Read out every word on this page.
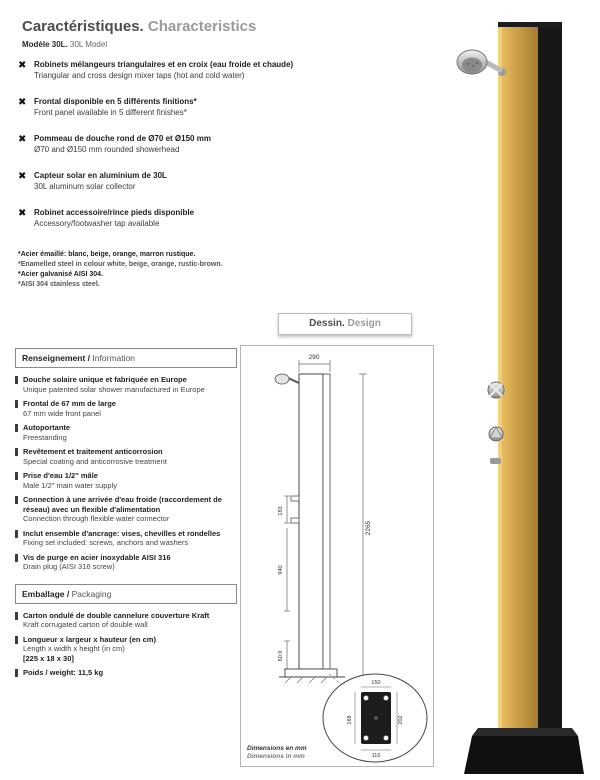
Caractéristiques. Characteristics
Modèle 30L. 30L Model
✖ Robinets mélangeurs triangulaires et en croix (eau froide et chaude)
Triangular and cross design mixer taps (hot and cold water)
✖ Frontal disponible en 5 différents finitions*
Front panel available in 5 different finishes*
✖ Pommeau de douche rond de Ø70 et Ø150 mm
Ø70 and Ø150 mm rounded showerhead
✖ Capteur solar en aluminium de 30L
30L aluminum solar collector
✖ Robinet accessoire/rince pieds disponible
Accessory/footwasher tap available
*Acier émaillé: blanc, beige, orange, marron rustique.
*Enamelled steel in colour white, beige, orange, rustic-brown.
*Acier galvanisé AISI 304.
*AISI 304 stainless steel.
Renseignement / Information
Douche solaire unique et fabriquée en Europe
Unique patented solar shower manufactured in Europe
Frontal de 67 mm de large
67 mm wide front panel
Autoportante
Freestanding
Revêtement et traitement anticorrosion
Special coating and anticorrosive treatment
Prise d'eau 1/2" mâle
Male 1/2" main water supply
Connection à une arrivée d'eau froide (raccordement de réseau) avec un flexible d'alimentation
Connection through flexible water connector
Inclut ensemble d'ancrage: vises, chevilles et rondelles
Fixing set included: screws, anchors and washers
Vis de purge en acier inoxydable AISI 316
Drain plug (AISI 316 screw)
Emballage / Packaging
Carton ondulé de double cannelure couverture Kraft
Kraft corrugated carton of double wall
Longueur x largeur x hauteur (en cm)
Length x width x height (in cm)
[225 x 18 x 30]
Poids / weight: 11,5 kg
Dessin. Design
290
2265
183
940
60.9
150
168	202
116
Dimensions en mm
Dimensions in mm
